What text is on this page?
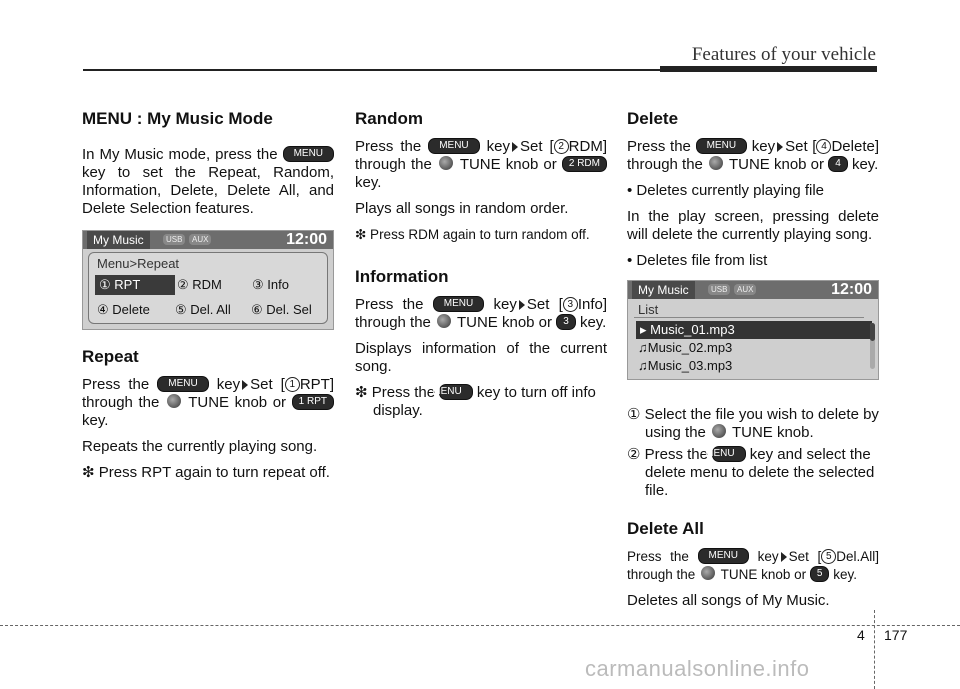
Features of your vehicle
MENU : My Music Mode

In My Music mode, press the MENU key to set the Repeat, Random, Information, Delete, Delete All, and Delete Selection features.

My Music	USB	AUX	12:00
Menu>Repeat
① RPT	② RDM ③ Info
④ Delete ⑤ Del. All ⑥ Del. Sel
Repeat

Press the MENU key Set [ 1 RPT] through the TUNE knob or 1 RPT key.

Repeats the currently playing song.

❇ Press RPT again to turn repeat off.

Random

Press the MENU key Set [ 2 RDM] through the TUNE knob or 2 RDM key.

Plays all songs in random order.

❇ Press RDM again to turn random off.

Information

Press the MENU key Set [ 3 Info] through the TUNE knob or 3 key.

Displays information of the current song.

❇ Press the MENU key to turn off info display.

Delete

Press the MENU key Set [ 4 Delete] through the TUNE knob or 4 key.

• Deletes currently playing file

In the play screen, pressing delete will delete the currently playing song.

• Deletes file from list

My Music	USB	AUX	12:00
List
▸ Music_01.mp3
♫Music_02.mp3
♫Music_03.mp3

① Select the file you wish to delete by using the TUNE knob.

② Press the MENU key and select the delete menu to delete the selected file.

Delete All

Press the MENU key Set [ 5 Del.All] through the TUNE knob or 5 key.

Deletes all songs of My Music.

4 177
carmanualsonline.info
